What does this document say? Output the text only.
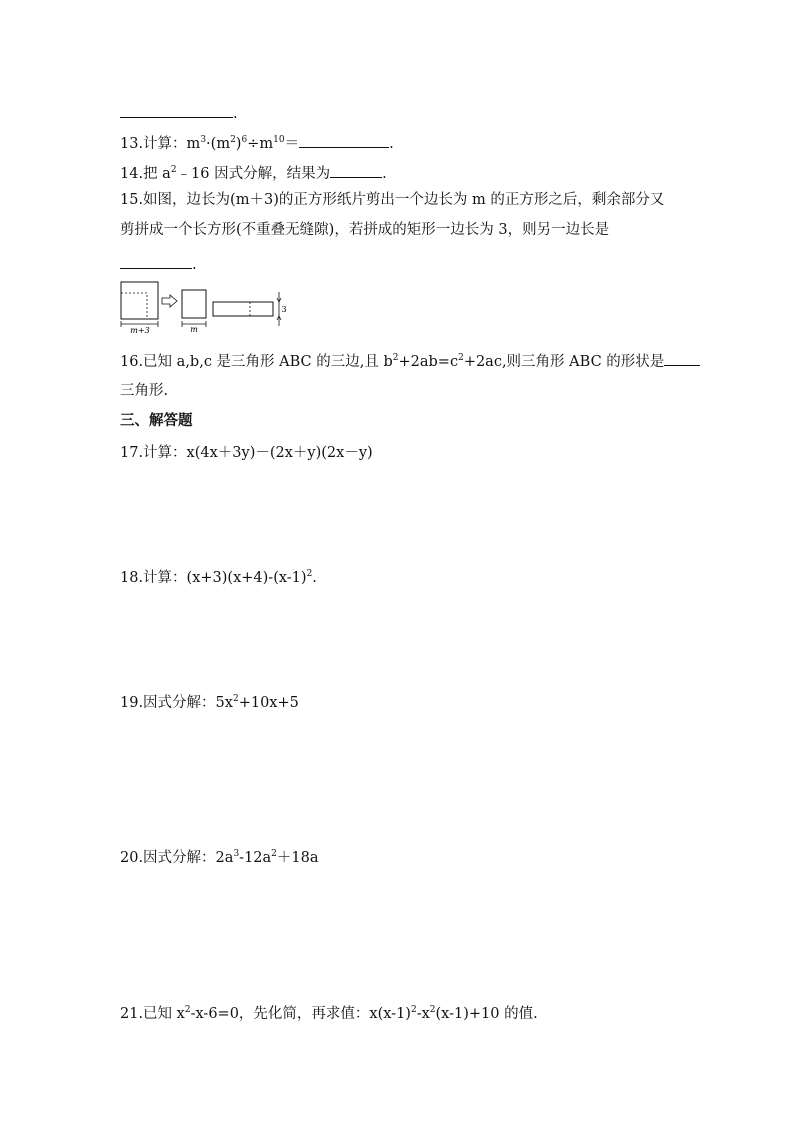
.
13.计算：$m^3\cdot(m^2)^6\div m^{10}=$	.
14.把 $a^2﹣16$ 因式分解，结果为	.
15.如图，边长为(m＋3)的正方形纸片剪出一个边长为 m 的正方形之后，剩余部分又
剪拼成一个长方形(不重叠无缝隙)，若拼成的矩形一边长为 3，则另一边长是
.
m+3	m
3
16.已知 a,b,c 是三角形 ABC 的三边,且 $b^2+2ab=c^2+2ac$,则三角形 ABC 的形状是
三角形.
三、解答题
17.计算：x(4x＋3y)－(2x＋y)(2x－y)
18.计算：$(x+3)(x+4)-(x-1)^2$.
19.因式分解：$5x^2+10x+5$
20.因式分解：$2a^3-12a^2+18a$
21.已知 $x^2-x-6=0$，先化简，再求值：$x(x-1)^2-x^2(x-1)+10$ 的值.
